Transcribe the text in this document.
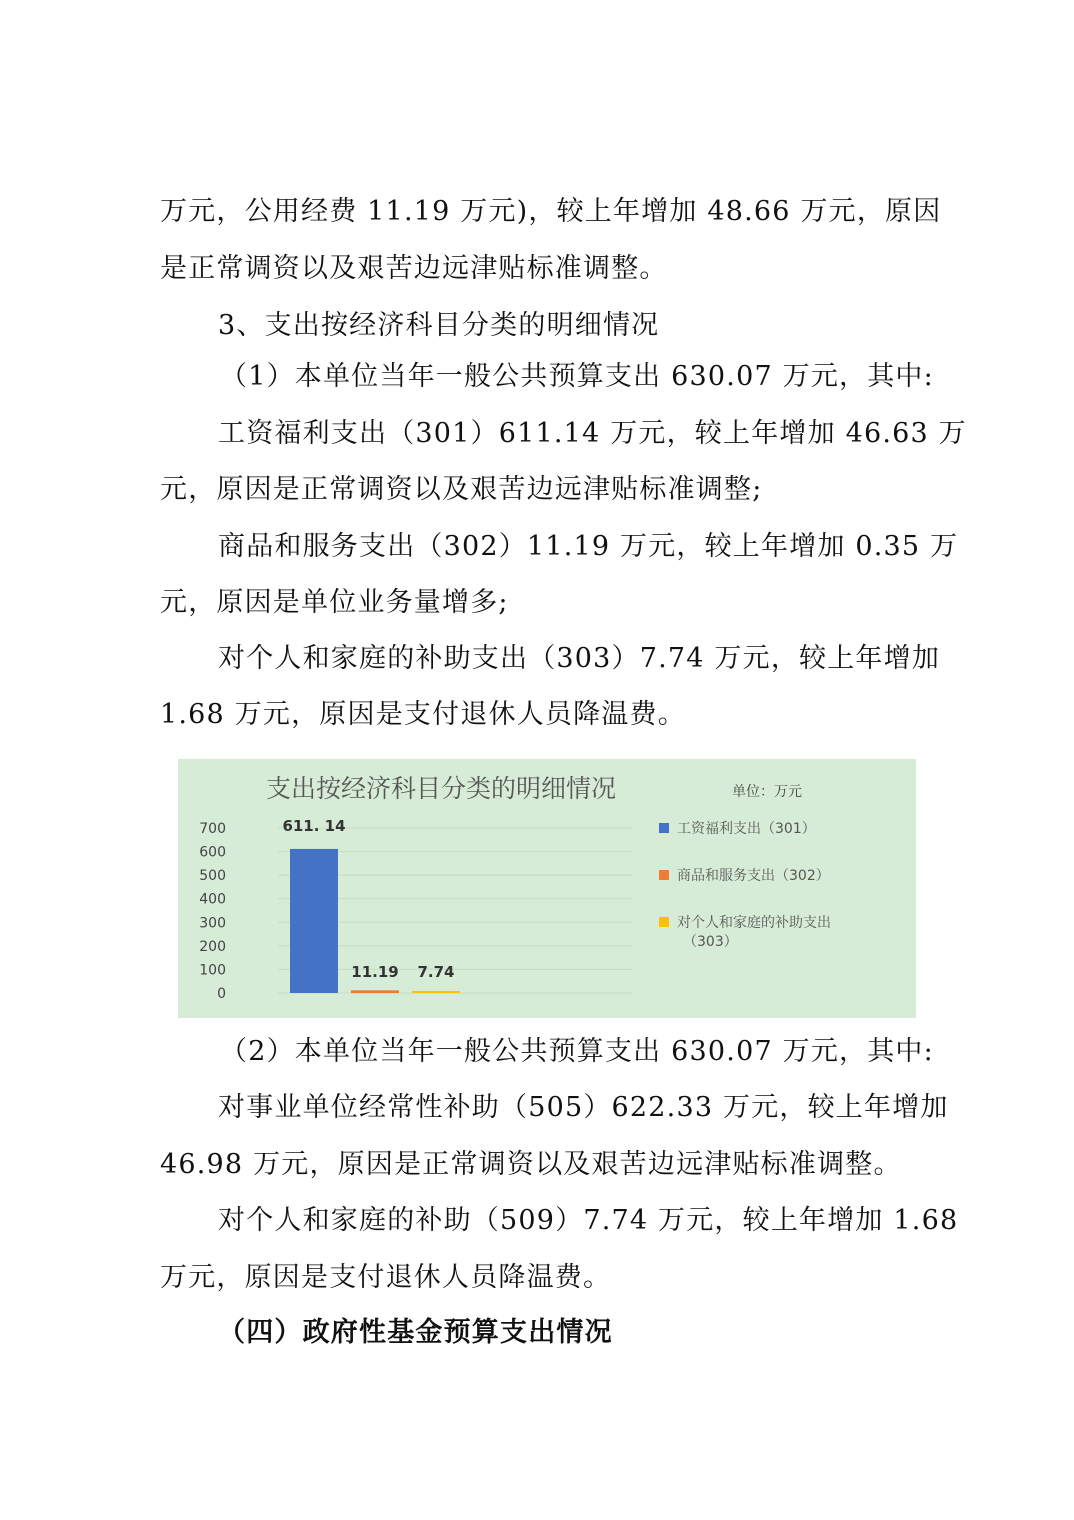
万元，公用经费 11.19 万元)，较上年增加 48.66 万元，原因
是正常调资以及艰苦边远津贴标准调整。
3、支出按经济科目分类的明细情况
（1）本单位当年一般公共预算支出 630.07 万元，其中:
工资福利支出（301）611.14 万元，较上年增加 46.63 万
元，原因是正常调资以及艰苦边远津贴标准调整;
商品和服务支出（302）11.19 万元，较上年增加 0.35 万
元，原因是单位业务量增多;
对个人和家庭的补助支出（303）7.74 万元，较上年增加
1.68 万元，原因是支付退休人员降温费。
支出按经济科目分类的明细情况	单位：万元
0
100
200
300
400
500
600
700	611. 14
11.19 7.74
工资福利支出（301）
商品和服务支出（302）
对个人和家庭的补助支出
（303）
（2）本单位当年一般公共预算支出 630.07 万元，其中:
对事业单位经常性补助（505）622.33 万元，较上年增加
46.98 万元，原因是正常调资以及艰苦边远津贴标准调整。
对个人和家庭的补助（509）7.74 万元，较上年增加 1.68
万元，原因是支付退休人员降温费。
（四）政府性基金预算支出情况
